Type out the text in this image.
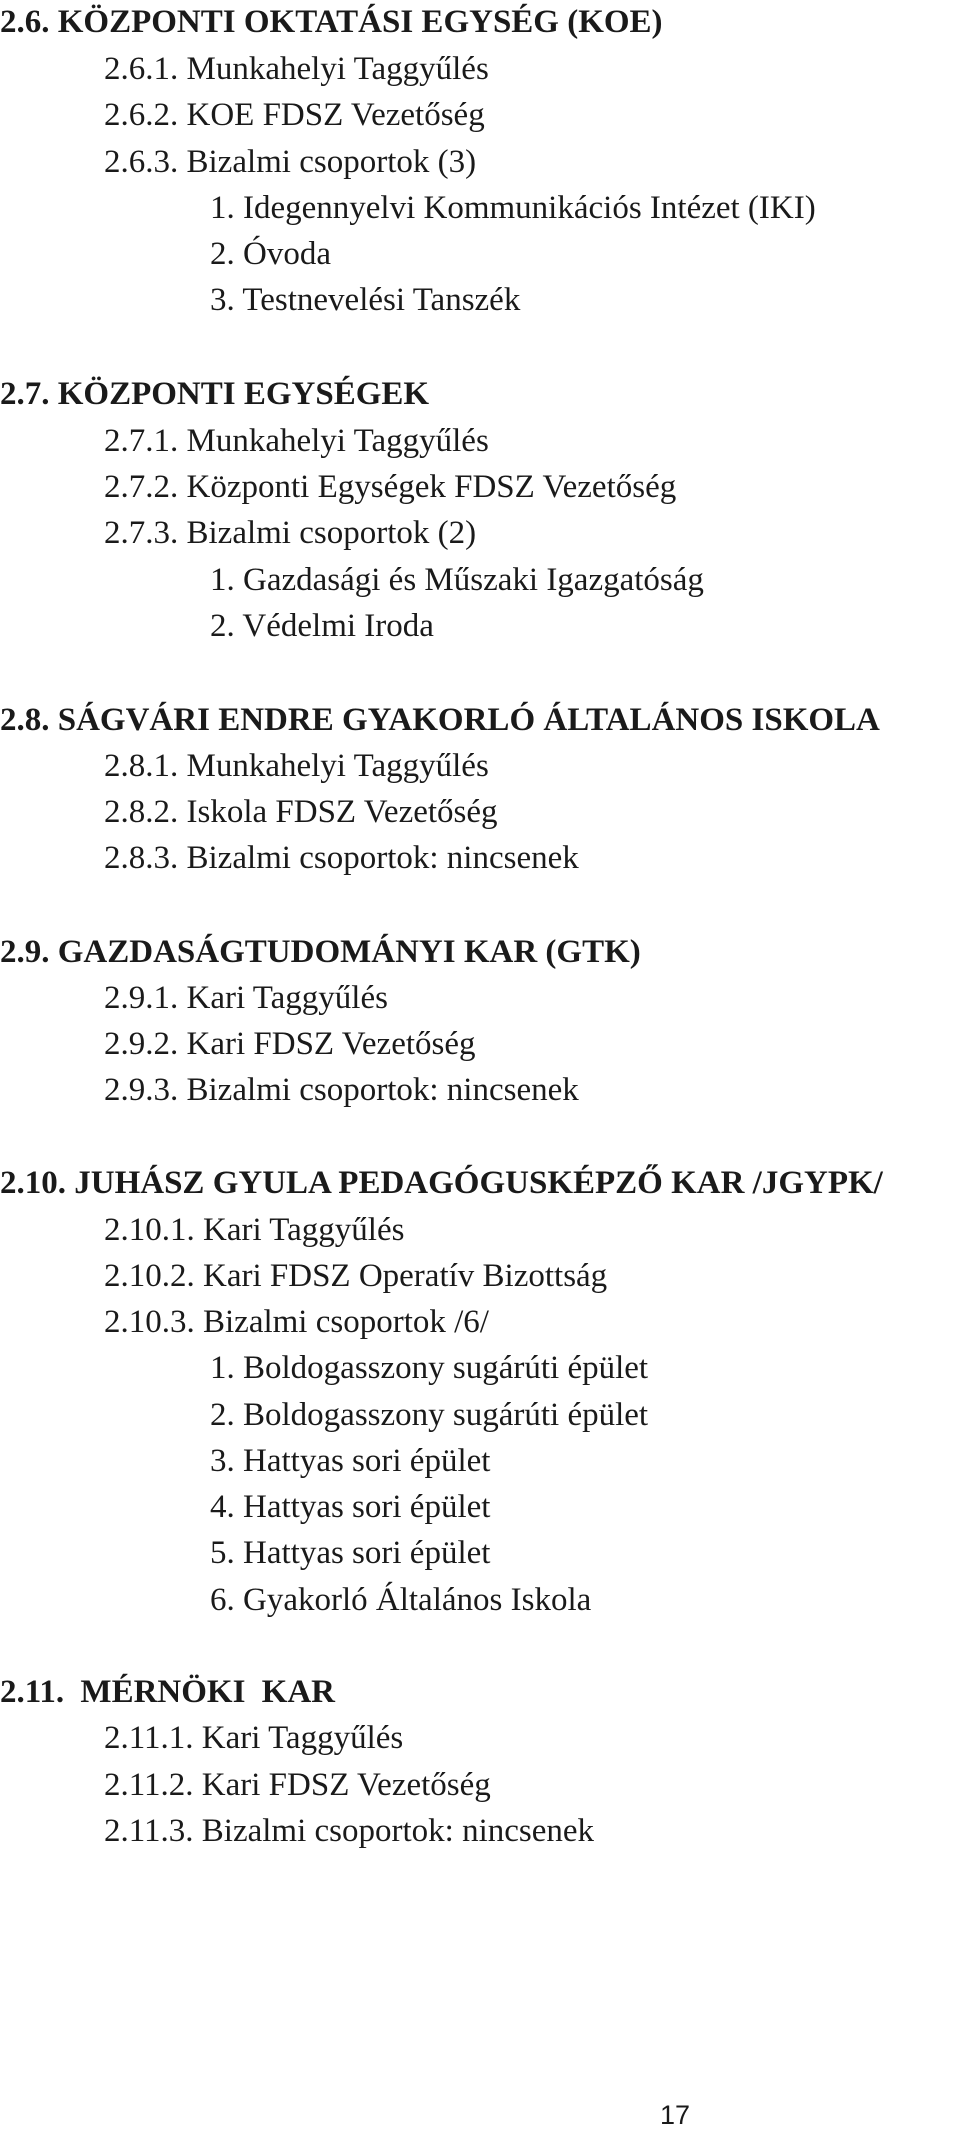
2.6. KÖZPONTI OKTATÁSI EGYSÉG (KOE)
2.6.1. Munkahelyi Taggyűlés
2.6.2. KOE FDSZ Vezetőség
2.6.3. Bizalmi csoportok (3)
1. Idegennyelvi Kommunikációs Intézet (IKI)
2. Óvoda
3. Testnevelési Tanszék
2.7. KÖZPONTI EGYSÉGEK
2.7.1. Munkahelyi Taggyűlés
2.7.2. Központi Egységek FDSZ Vezetőség
2.7.3. Bizalmi csoportok (2)
1. Gazdasági és Műszaki Igazgatóság
2. Védelmi Iroda
2.8. SÁGVÁRI ENDRE GYAKORLÓ ÁLTALÁNOS ISKOLA
2.8.1. Munkahelyi Taggyűlés
2.8.2. Iskola FDSZ Vezetőség
2.8.3. Bizalmi csoportok: nincsenek
2.9. GAZDASÁGTUDOMÁNYI KAR (GTK)
2.9.1. Kari Taggyűlés
2.9.2. Kari FDSZ Vezetőség
2.9.3. Bizalmi csoportok: nincsenek
2.10. JUHÁSZ GYULA PEDAGÓGUSKÉPZŐ KAR /JGYPK/
2.10.1. Kari Taggyűlés
2.10.2. Kari FDSZ Operatív Bizottság
2.10.3. Bizalmi csoportok /6/
1. Boldogasszony sugárúti épület
2. Boldogasszony sugárúti épület
3. Hattyas sori épület
4. Hattyas sori épület
5. Hattyas sori épület
6. Gyakorló Általános Iskola
2.11. MÉRNÖKI KAR
2.11.1. Kari Taggyűlés
2.11.2. Kari FDSZ Vezetőség
2.11.3. Bizalmi csoportok: nincsenek
17
